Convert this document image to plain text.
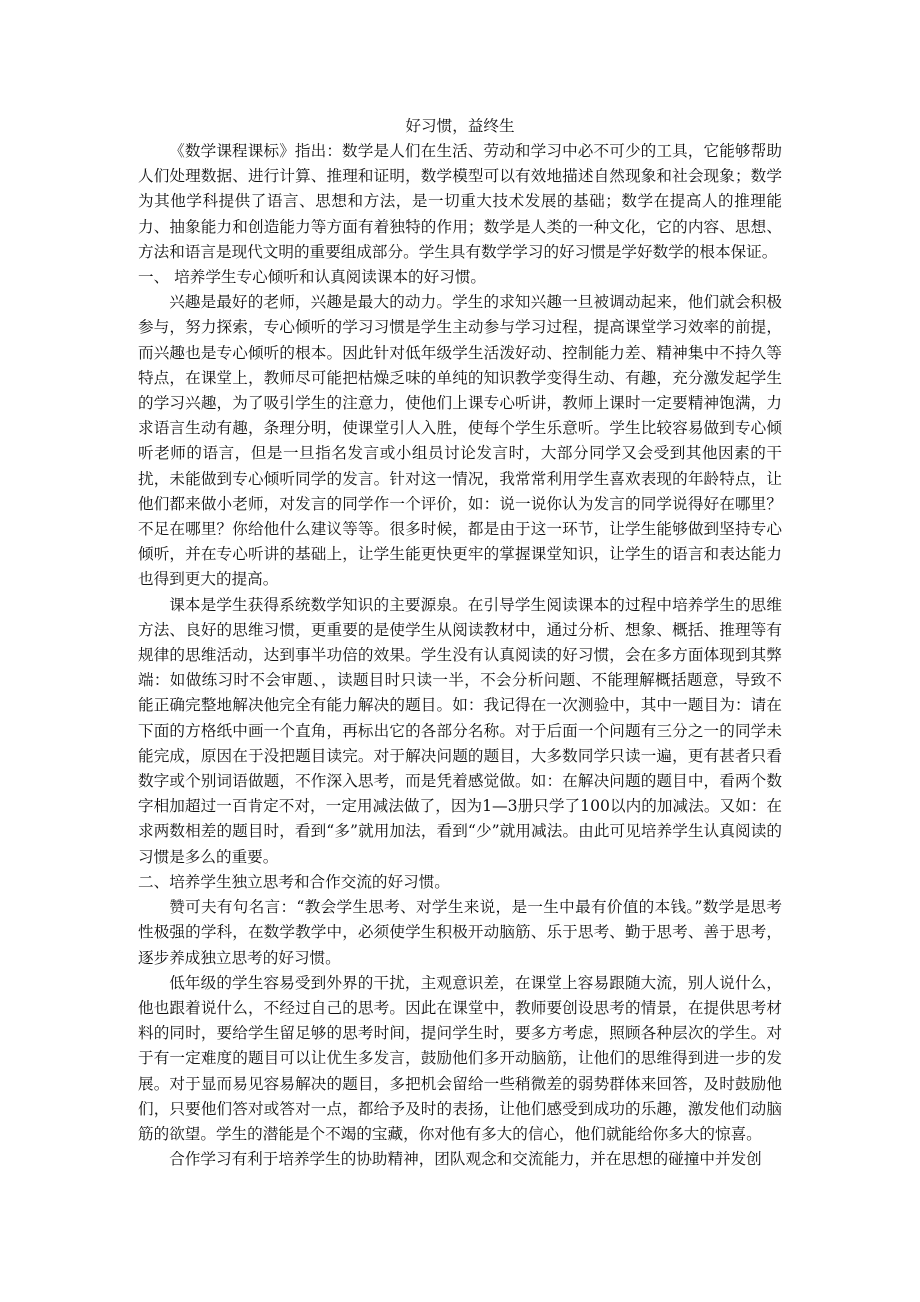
好习惯，益终生

《数学课程课标》指出：数学是人们在生活、劳动和学习中必不可少的工具，它能够帮助人们处理数据、进行计算、推理和证明，数学模型可以有效地描述自然现象和社会现象；数学为其他学科提供了语言、思想和方法，是一切重大技术发展的基础；数学在提高人的推理能力、抽象能力和创造能力等方面有着独特的作用；数学是人类的一种文化，它的内容、思想、方法和语言是现代文明的重要组成部分。学生具有数学学习的好习惯是学好数学的根本保证。

一、 培养学生专心倾听和认真阅读课本的好习惯。

兴趣是最好的老师，兴趣是最大的动力。学生的求知兴趣一旦被调动起来，他们就会积极参与，努力探索，专心倾听的学习习惯是学生主动参与学习过程，提高课堂学习效率的前提，而兴趣也是专心倾听的根本。因此针对低年级学生活泼好动、控制能力差、精神集中不持久等特点，在课堂上，教师尽可能把枯燥乏味的单纯的知识教学变得生动、有趣，充分激发起学生的学习兴趣，为了吸引学生的注意力，使他们上课专心听讲，教师上课时一定要精神饱满，力求语言生动有趣，条理分明，使课堂引人入胜，使每个学生乐意听。学生比较容易做到专心倾听老师的语言，但是一旦指名发言或小组员讨论发言时，大部分同学又会受到其他因素的干扰，未能做到专心倾听同学的发言。针对这一情况，我常常利用学生喜欢表现的年龄特点，让他们都来做小老师，对发言的同学作一个评价，如：说一说你认为发言的同学说得好在哪里？不足在哪里？你给他什么建议等等。很多时候，都是由于这一环节，让学生能够做到坚持专心倾听，并在专心听讲的基础上，让学生能更快更牢的掌握课堂知识，让学生的语言和表达能力也得到更大的提高。

课本是学生获得系统数学知识的主要源泉。在引导学生阅读课本的过程中培养学生的思维方法、良好的思维习惯，更重要的是使学生从阅读教材中，通过分析、想象、概括、推理等有规律的思维活动，达到事半功倍的效果。学生没有认真阅读的好习惯，会在多方面体现到其弊端：如做练习时不会审题、，读题目时只读一半，不会分析问题、不能理解概括题意，导致不能正确完整地解决他完全有能力解决的题目。如：我记得在一次测验中，其中一题目为：请在下面的方格纸中画一个直角，再标出它的各部分名称。对于后面一个问题有三分之一的同学未能完成，原因在于没把题目读完。对于解决问题的题目，大多数同学只读一遍，更有甚者只看数字或个别词语做题，不作深入思考，而是凭着感觉做。如：在解决问题的题目中，看两个数字相加超过一百肯定不对，一定用减法做了，因为1—3册只学了100以内的加减法。又如：在求两数相差的题目时，看到“多”就用加法，看到“少”就用减法。由此可见培养学生认真阅读的习惯是多么的重要。

二、培养学生独立思考和合作交流的好习惯。

赞可夫有句名言：“教会学生思考、对学生来说，是一生中最有价值的本钱。”数学是思考性极强的学科，在数学教学中，必须使学生积极开动脑筋、乐于思考、勤于思考、善于思考，逐步养成独立思考的好习惯。

低年级的学生容易受到外界的干扰，主观意识差，在课堂上容易跟随大流，别人说什么，他也跟着说什么，不经过自己的思考。因此在课堂中，教师要创设思考的情景，在提供思考材料的同时，要给学生留足够的思考时间，提问学生时，要多方考虑，照顾各种层次的学生。对于有一定难度的题目可以让优生多发言，鼓励他们多开动脑筋，让他们的思维得到进一步的发展。对于显而易见容易解决的题目，多把机会留给一些稍微差的弱势群体来回答，及时鼓励他们，只要他们答对或答对一点，都给予及时的表扬，让他们感受到成功的乐趣，激发他们动脑筋的欲望。学生的潜能是个不竭的宝藏，你对他有多大的信心，他们就能给你多大的惊喜。

合作学习有利于培养学生的协助精神，团队观念和交流能力，并在思想的碰撞中并发创
